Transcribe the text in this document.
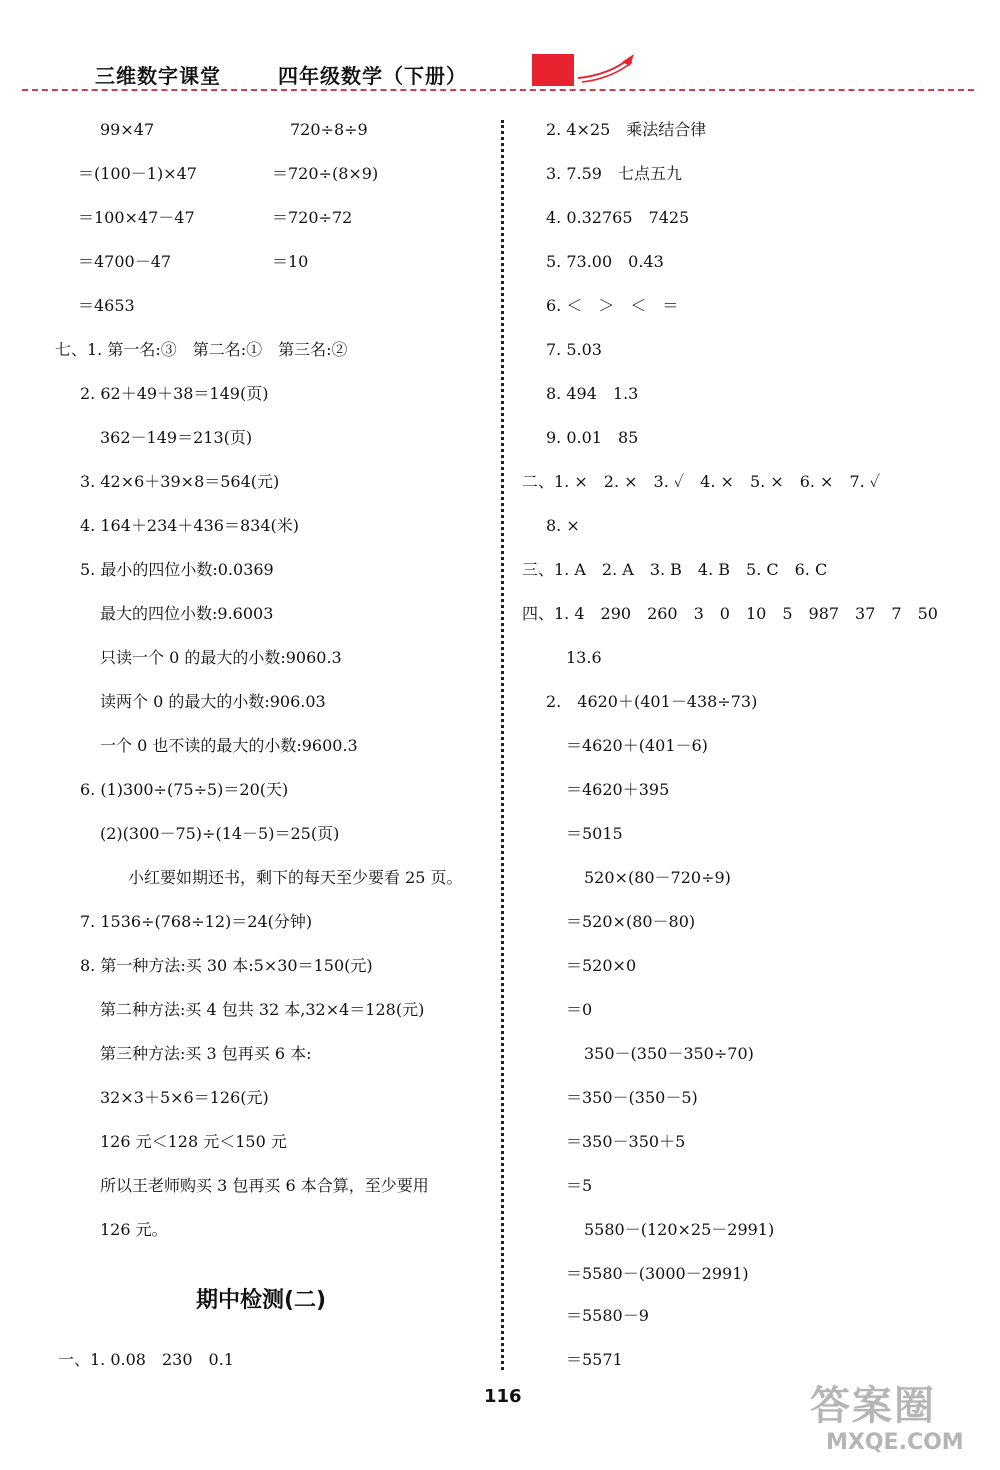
三维数字课堂	四年级数学（下册）
99×47	720÷8÷9
＝(100－1)×47	＝720÷(8×9)
＝100×47－47	＝720÷72
＝4700－47	＝10
＝4653
七、1. 第一名:③　第二名:①　第三名:②
2. 62＋49＋38＝149(页)
362－149＝213(页)
3. 42×6＋39×8＝564(元)
4. 164＋234＋436＝834(米)
5. 最小的四位小数:0.0369
最大的四位小数:9.6003
只读一个 0 的最大的小数:9060.3
读两个 0 的最大的小数:906.03
一个 0 也不读的最大的小数:9600.3
6. (1)300÷(75÷5)＝20(天)
(2)(300－75)÷(14－5)＝25(页)
小红要如期还书，剩下的每天至少要看 25 页。
7. 1536÷(768÷12)＝24(分钟)
8. 第一种方法:买 30 本:5×30＝150(元)
第二种方法:买 4 包共 32 本,32×4＝128(元)
第三种方法:买 3 包再买 6 本:
32×3＋5×6＝126(元)
126 元＜128 元＜150 元
所以王老师购买 3 包再买 6 本合算，至少要用
126 元。
一、1. 0.08　230　0.1
期中检测(二)
2. 4×25　乘法结合律
3. 7.59　七点五九
4. 0.32765　7425
5. 73.00　0.43
6. ＜　＞　＜　＝
7. 5.03
8. 494　1.3
9. 0.01　85
二、1. ×　2. ×　3. ✓　4. ×　5. ×　6. ×　7. ✓
8. ×
三、1. A　2. A　3. B　4. B　5. C　6. C
四、1. 4　290　260　3　0　10　5　987　37　7　50
13.6
2.　4620＋(401－438÷73)
＝4620＋(401－6)
＝4620＋395
＝5015
520×(80－720÷9)
＝520×(80－80)
＝520×0
＝0
350－(350－350÷70)
＝350－(350－5)
＝350－350＋5
＝5
5580－(120×25－2991)
＝5580－(3000－2991)
＝5580－9
＝5571
116	答案圈
MXQE.COM
